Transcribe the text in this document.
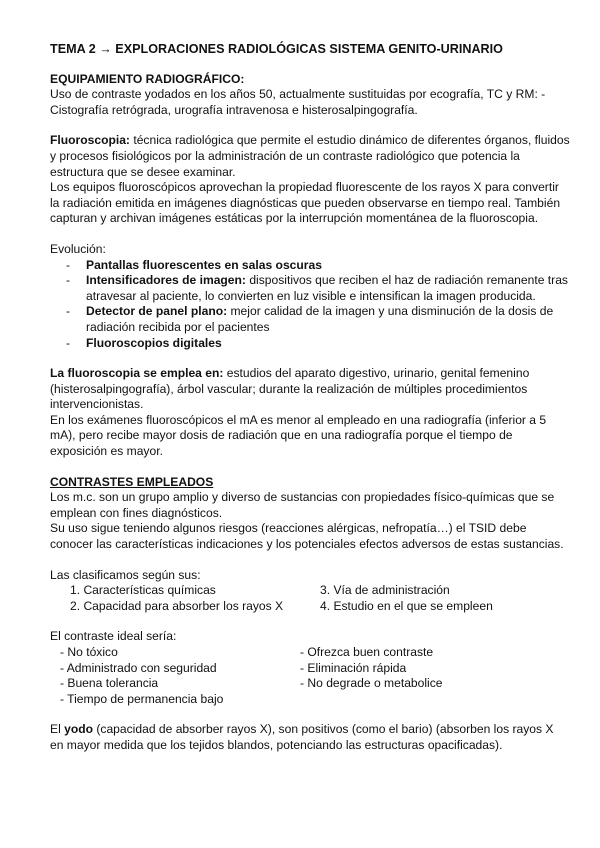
TEMA 2 → EXPLORACIONES RADIOLÓGICAS SISTEMA GENITO-URINARIO

EQUIPAMIENTO RADIOGRÁFICO:

Uso de contraste yodados en los años 50, actualmente sustituidas por ecografía, TC y RM: - Cistografía retrógrada, urografía intravenosa e histerosalpingografía.

Fluoroscopia: técnica radiológica que permite el estudio dinámico de diferentes órganos, fluidos y procesos fisiológicos por la administración de un contraste radiológico que potencia la estructura que se desee examinar.

Los equipos fluoroscópicos aprovechan la propiedad fluorescente de los rayos X para convertir la radiación emitida en imágenes diagnósticas que pueden observarse en tiempo real. También capturan y archivan imágenes estáticas por la interrupción momentánea de la fluoroscopia.

Evolución:

- Pantallas fluorescentes en salas oscuras
- Intensificadores de imagen: dispositivos que reciben el haz de radiación remanente tras atravesar al paciente, lo convierten en luz visible e intensifican la imagen producida.
- Detector de panel plano: mejor calidad de la imagen y una disminución de la dosis de radiación recibida por el pacientes
- Fluoroscopios digitales

La fluoroscopia se emplea en: estudios del aparato digestivo, urinario, genital femenino (histerosalpingografía), árbol vascular; durante la realización de múltiples procedimientos intervencionistas.

En los exámenes fluoroscópicos el mA es menor al empleado en una radiografía (inferior a 5 mA), pero recibe mayor dosis de radiación que en una radiografía porque el tiempo de exposición es mayor.

CONTRASTES EMPLEADOS

Los m.c. son un grupo amplio y diverso de sustancias con propiedades físico-químicas que se emplean con fines diagnósticos.

Su uso sigue teniendo algunos riesgos (reacciones alérgicas, nefropatía…) el TSID debe conocer las características indicaciones y los potenciales efectos adversos de estas sustancias.

Las clasificamos según sus:

1. Características químicas
2. Capacidad para absorber los rayos X
3. Vía de administración
4. Estudio en el que se empleen

El contraste ideal sería:

- No tóxico
- Administrado con seguridad
- Buena tolerancia
- Tiempo de permanencia bajo
- Ofrezca buen contraste
- Eliminación rápida
- No degrade o metabolice

El yodo (capacidad de absorber rayos X), son positivos (como el bario) (absorben los rayos X en mayor medida que los tejidos blandos, potenciando las estructuras opacificadas).
